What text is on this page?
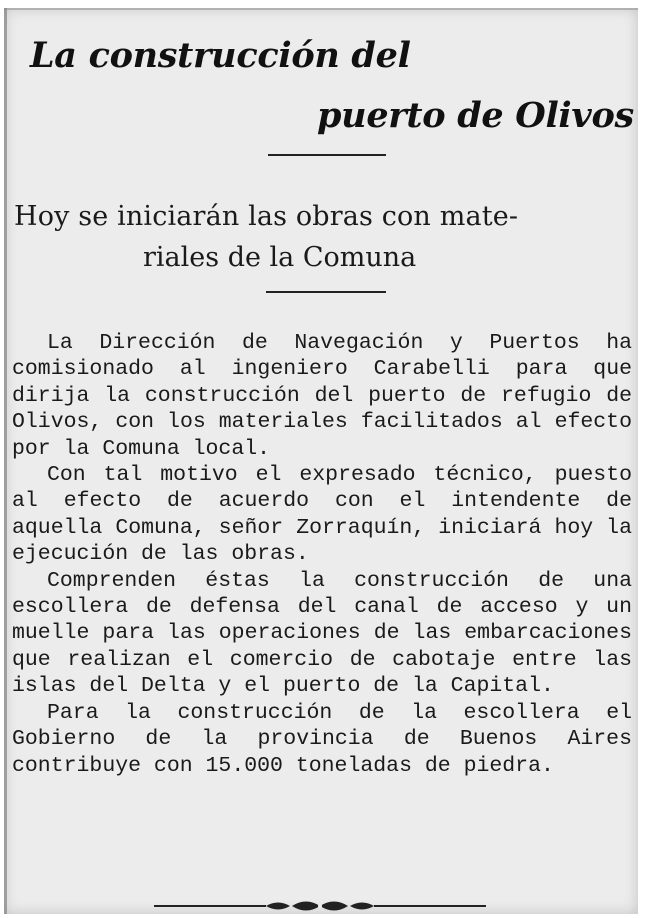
La construcción del
puerto de Olivos
Hoy se iniciarán las obras con mate-
riales de la Comuna

La Dirección de Navegación y Puertos ha comisionado al ingeniero Carabelli para que dirija la construcción del puerto de refugio de Olivos, con los materiales facilitados al efecto por la Comuna local.

Con tal motivo el expresado técnico, puesto al efecto de acuerdo con el intendente de aquella Comuna, señor Zorraquín, iniciará hoy la ejecución de las obras.

Comprenden éstas la construcción de una escollera de defensa del canal de acceso y un muelle para las operaciones de las embarcaciones que realizan el comercio de cabotaje entre las islas del Delta y el puerto de la Capital.

Para la construcción de la escollera el Gobierno de la provincia de Buenos Aires contribuye con 15.000 toneladas de piedra.
